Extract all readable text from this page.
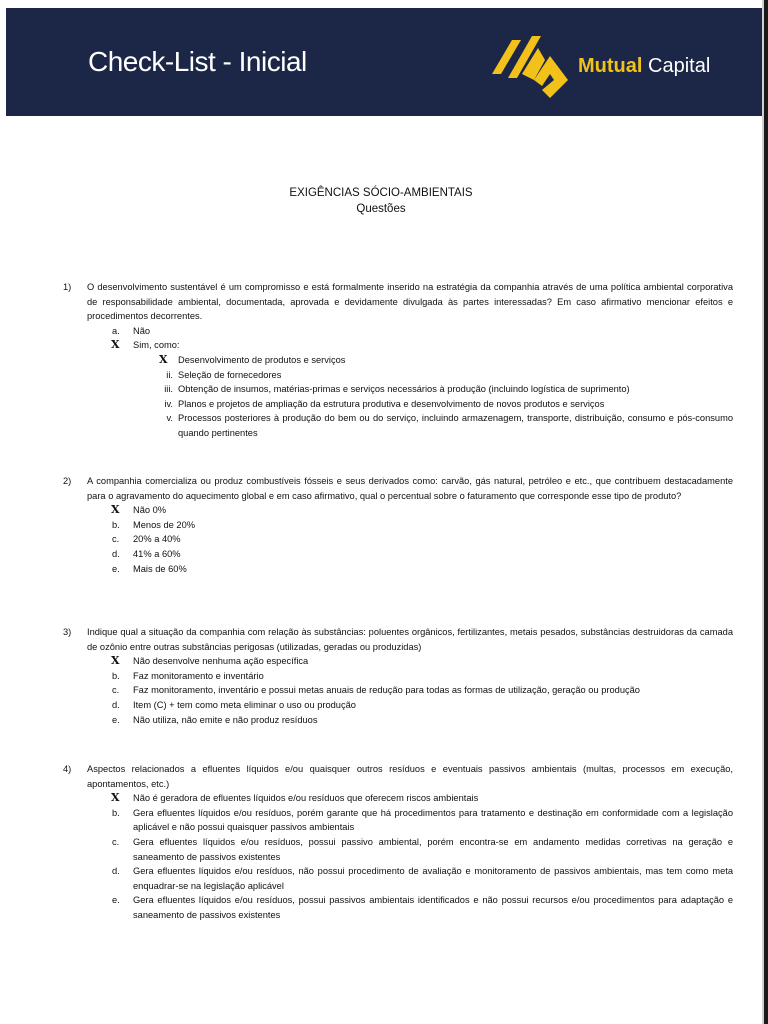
Check-List - Inicial	Mutual Capital
EXIGÊNCIAS SÓCIO-AMBIENTAIS
Questões
1)	O desenvolvimento sustentável é um compromisso e está formalmente inserido na estratégia da companhia através de uma política ambiental corporativa de responsabilidade ambiental, documentada, aprovada e devidamente divulgada às partes interessadas? Em caso afirmativo mencionar efeitos e procedimentos decorrentes.
a.	Não
X	Sim, como:
X	Desenvolvimento de produtos e serviços
ii. Seleção de fornecedores
iii. Obtenção de insumos, matérias-primas e serviços necessários à produção (incluindo logística de suprimento)
iv. Planos e projetos de ampliação da estrutura produtiva e desenvolvimento de novos produtos e serviços
v. Processos posteriores à produção do bem ou do serviço, incluindo armazenagem, transporte, distribuição, consumo e pós-consumo quando pertinentes
2)	A companhia comercializa ou produz combustíveis fósseis e seus derivados como: carvão, gás natural, petróleo e etc., que contribuem destacadamente para o agravamento do aquecimento global e em caso afirmativo, qual o percentual sobre o faturamento que corresponde esse tipo de produto?
X	Não 0%
b.	Menos de 20%
c.	20% a 40%
d.	41% a 60%
e.	Mais de 60%
3)	Indique qual a situação da companhia com relação às substâncias: poluentes orgânicos, fertilizantes, metais pesados, substâncias destruidoras da camada de ozônio entre outras substâncias perigosas (utilizadas, geradas ou produzidas)
X	Não desenvolve nenhuma ação específica
b.	Faz monitoramento e inventário
c.	Faz monitoramento, inventário e possui metas anuais de redução para todas as formas de utilização, geração ou produção
d.	Item (C) + tem como meta eliminar o uso ou produção
e.	Não utiliza, não emite e não produz resíduos
4)	Aspectos relacionados a efluentes líquidos e/ou quaisquer outros resíduos e eventuais passivos ambientais (multas, processos em execução, apontamentos, etc.)
X	Não é geradora de efluentes líquidos e/ou resíduos que oferecem riscos ambientais
b.	Gera efluentes líquidos e/ou resíduos, porém garante que há procedimentos para tratamento e destinação em conformidade com a legislação aplicável e não possui quaisquer passivos ambientais
c.	Gera efluentes líquidos e/ou resíduos, possui passivo ambiental, porém encontra-se em andamento medidas corretivas na geração e saneamento de passivos existentes
d.	Gera efluentes líquidos e/ou resíduos, não possui procedimento de avaliação e monitoramento de passivos ambientais, mas tem como meta enquadrar-se na legislação aplicável
e.	Gera efluentes líquidos e/ou resíduos, possui passivos ambientais identificados e não possui recursos e/ou procedimentos para adaptação e saneamento de passivos existentes
